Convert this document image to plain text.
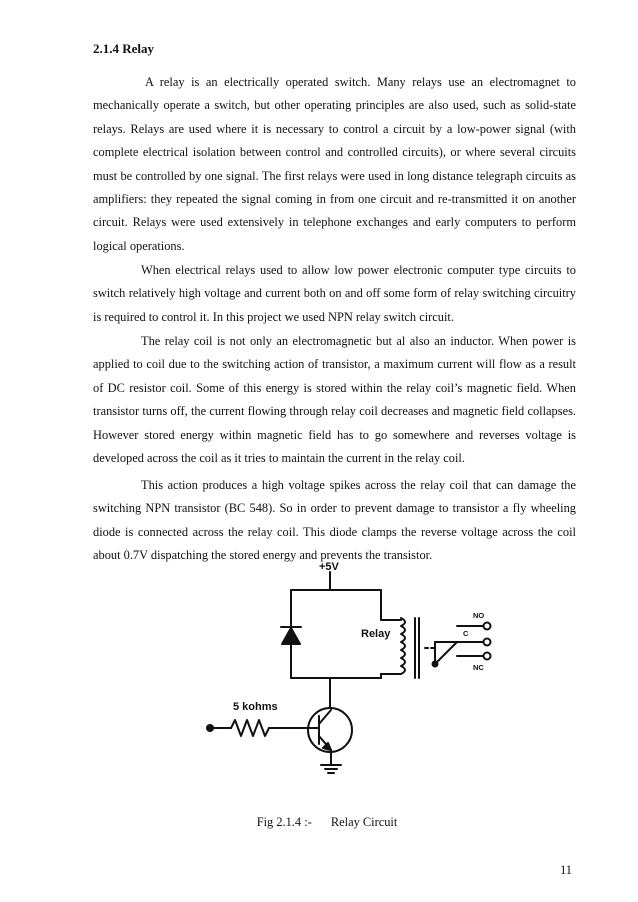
2.1.4 Relay

A relay is an electrically operated switch. Many relays use an electromagnet to mechanically operate a switch, but other operating principles are also used, such as solid-state relays. Relays are used where it is necessary to control a circuit by a low-power signal (with complete electrical isolation between control and controlled circuits), or where several circuits must be controlled by one signal. The first relays were used in long distance telegraph circuits as amplifiers: they repeated the signal coming in from one circuit and re-transmitted it on another circuit. Relays were used extensively in telephone exchanges and early computers to perform logical operations.

When electrical relays used to allow low power electronic computer type circuits to switch relatively high voltage and current both on and off some form of relay switching circuitry is required to control it. In this project we used NPN relay switch circuit.

The relay coil is not only an electromagnetic but al also an inductor. When power is applied to coil due to the switching action of transistor, a maximum current will flow as a result of DC resistor coil. Some of this energy is stored within the relay coil’s magnetic field. When transistor turns off, the current flowing through relay coil decreases and magnetic field collapses. However stored energy within magnetic field has to go somewhere and reverses voltage is developed across the coil as it tries to maintain the current in the relay coil.

This action produces a high voltage spikes across the relay coil that can damage the switching NPN transistor (BC 548). So in order to prevent damage to transistor a fly wheeling diode is connected across the relay coil. This diode clamps the reverse voltage across the coil about 0.7V dispatching the stored energy and prevents the transistor.

+5V
Relay
5 kohms
NO
C
NC

Fig 2.1.4 :- Relay Circuit

11
